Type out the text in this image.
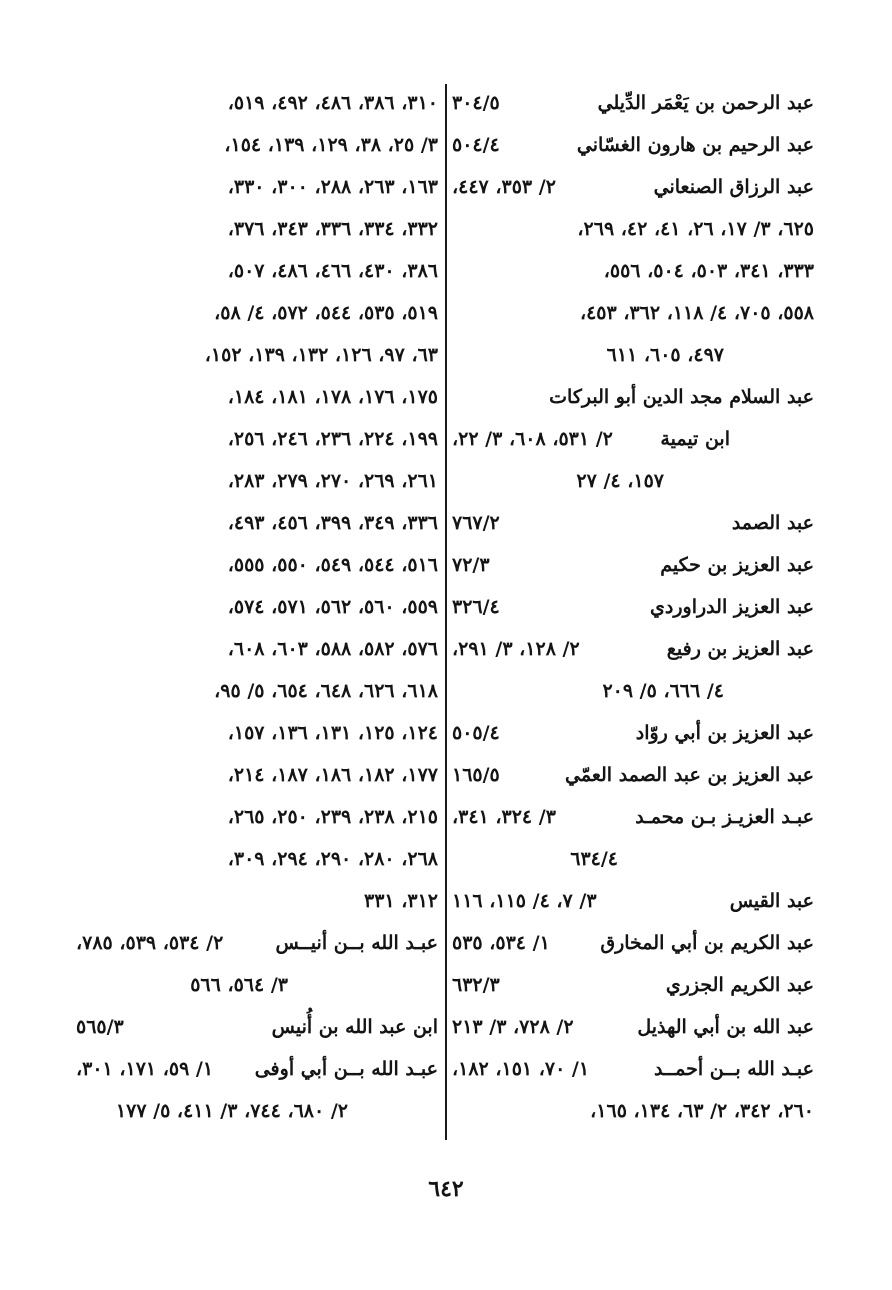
عبد الرحمن بن يَعْمَر الدِّيلي
٣٠٤/٥
عبد الرحيم بن هارون الغسّاني
٥٠٤/٤
عبد الرزاق الصنعاني
٢/ ٣٥٣، ٤٤٧،
٦٢٥، ٣/ ١٧، ٢٦، ٤١، ٤٢، ٢٦٩،
٣٣٣، ٣٤١، ٥٠٣، ٥٠٤، ٥٥٦،
٥٥٨، ٧٠٥، ٤/ ١١٨، ٣٦٢، ٤٥٣،
٤٩٧، ٦٠٥، ٦١١
عبد السلام مجد الدين أبو البركات
ابن تيمية
٢/ ٥٣١، ٦٠٨، ٣/ ٢٢،
١٥٧، ٤/ ٢٧
عبد الصمد
٧٦٧/٢
عبد العزيز بن حكيم
٧٢/٣
عبد العزيز الدراوردي
٣٢٦/٤
عبد العزيز بن رفيع
٢/ ١٢٨، ٣/ ٢٩١،
٤/ ٦٦٦، ٥/ ٢٠٩
عبد العزيز بن أبي روّاد
٥٠٥/٤
عبد العزيز بن عبد الصمد العمّي
١٦٥/٥
عبـد العزيـز بـن محمـد
٣/ ٣٢٤، ٣٤١،
٦٣٤/٤
عبد القيس
٣/ ٧، ٤/ ١١٥، ١١٦
عبد الكريم بن أبي المخارق
١/ ٥٣٤، ٥٣٥
عبد الكريم الجزري
٦٣٢/٣
عبد الله بن أبي الهذيل
٢/ ٧٢٨، ٣/ ٢١٣
عبـد الله بــن أحمــد
١/ ٧٠، ١٥١، ١٨٢،
٢٦٠، ٣٤٢، ٢/ ٦٣، ١٣٤، ١٦٥،
٣١٠، ٣٨٦، ٤٨٦، ٤٩٢، ٥١٩،
٣/ ٢٥، ٣٨، ١٢٩، ١٣٩، ١٥٤،
١٦٣، ٢٦٣، ٢٨٨، ٣٠٠، ٣٣٠،
٣٣٢، ٣٣٤، ٣٣٦، ٣٤٣، ٣٧٦،
٣٨٦، ٤٣٠، ٤٦٦، ٤٨٦، ٥٠٧،
٥١٩، ٥٣٥، ٥٤٤، ٥٧٢، ٤/ ٥٨،
٦٣، ٩٧، ١٢٦، ١٣٢، ١٣٩، ١٥٢،
١٧٥، ١٧٦، ١٧٨، ١٨١، ١٨٤،
١٩٩، ٢٢٤، ٢٣٦، ٢٤٦، ٢٥٦،
٢٦١، ٢٦٩، ٢٧٠، ٢٧٩، ٢٨٣،
٣٣٦، ٣٤٩، ٣٩٩، ٤٥٦، ٤٩٣،
٥١٦، ٥٤٤، ٥٤٩، ٥٥٠، ٥٥٥،
٥٥٩، ٥٦٠، ٥٦٢، ٥٧١، ٥٧٤،
٥٧٦، ٥٨٢، ٥٨٨، ٦٠٣، ٦٠٨،
٦١٨، ٦٢٦، ٦٤٨، ٦٥٤، ٥/ ٩٥،
١٢٤، ١٢٥، ١٣١، ١٣٦، ١٥٧،
١٧٧، ١٨٢، ١٨٦، ١٨٧، ٢١٤،
٢١٥، ٢٣٨، ٢٣٩، ٢٥٠، ٢٦٥،
٢٦٨، ٢٨٠، ٢٩٠، ٢٩٤، ٣٠٩،
٣١٢، ٣٣١
عبـد الله بــن أنيــس
٢/ ٥٣٤، ٥٣٩، ٧٨٥،
٣/ ٥٦٤، ٥٦٦
ابن عبد الله بن أُنيس
٥٦٥/٣
عبـد الله بــن أبي أوفى
١/ ٥٩، ١٧١، ٣٠١،
٢/ ٦٨٠، ٧٤٤، ٣/ ٤١١، ٥/ ١٧٧
٦٤٢
